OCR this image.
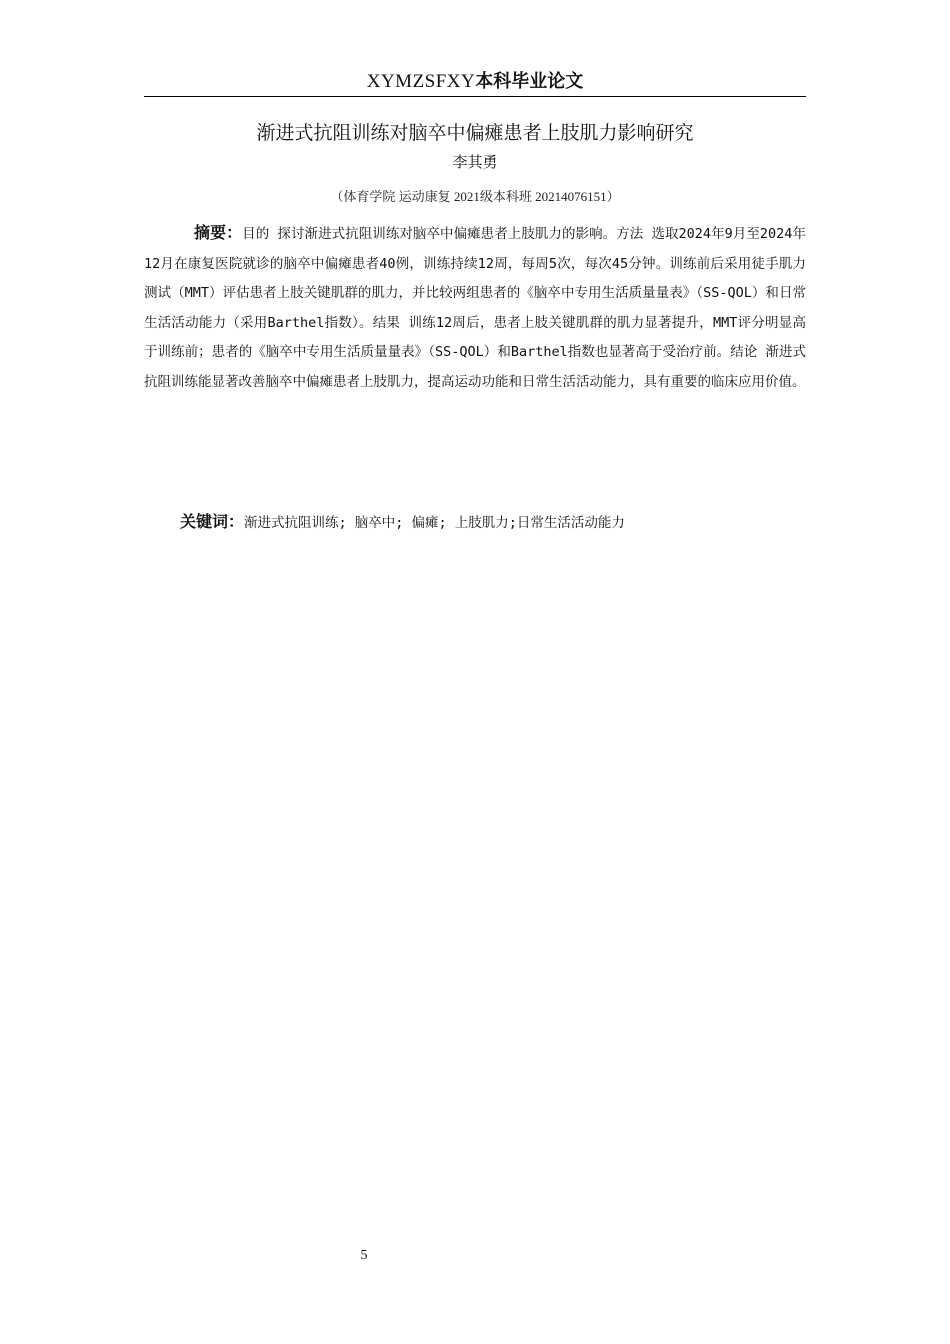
XYMZSFXY本科毕业论文
渐进式抗阻训练对脑卒中偏瘫患者上肢肌力影响研究
李其勇
（体育学院 运动康复 2021级本科班 20214076151）

摘要：目的 探讨渐进式抗阻训练对脑卒中偏瘫患者上肢肌力的影响。方法 选取2024年9月至2024年12月在康复医院就诊的脑卒中偏瘫患者40例，训练持续12周，每周5次，每次45分钟。训练前后采用徒手肌力测试（MMT）评估患者上肢关键肌群的肌力，并比较两组患者的《脑卒中专用生活质量量表》（SS-QOL）和日常生活活动能力（采用Barthel指数）。结果 训练12周后，患者上肢关键肌群的肌力显著提升，MMT评分明显高于训练前；患者的《脑卒中专用生活质量量表》（SS-QOL）和Barthel指数也显著高于受治疗前。结论 渐进式抗阻训练能显著改善脑卒中偏瘫患者上肢肌力，提高运动功能和日常生活活动能力，具有重要的临床应用价值。

关键词：渐进式抗阻训练; 脑卒中; 偏瘫; 上肢肌力;日常生活活动能力

5
